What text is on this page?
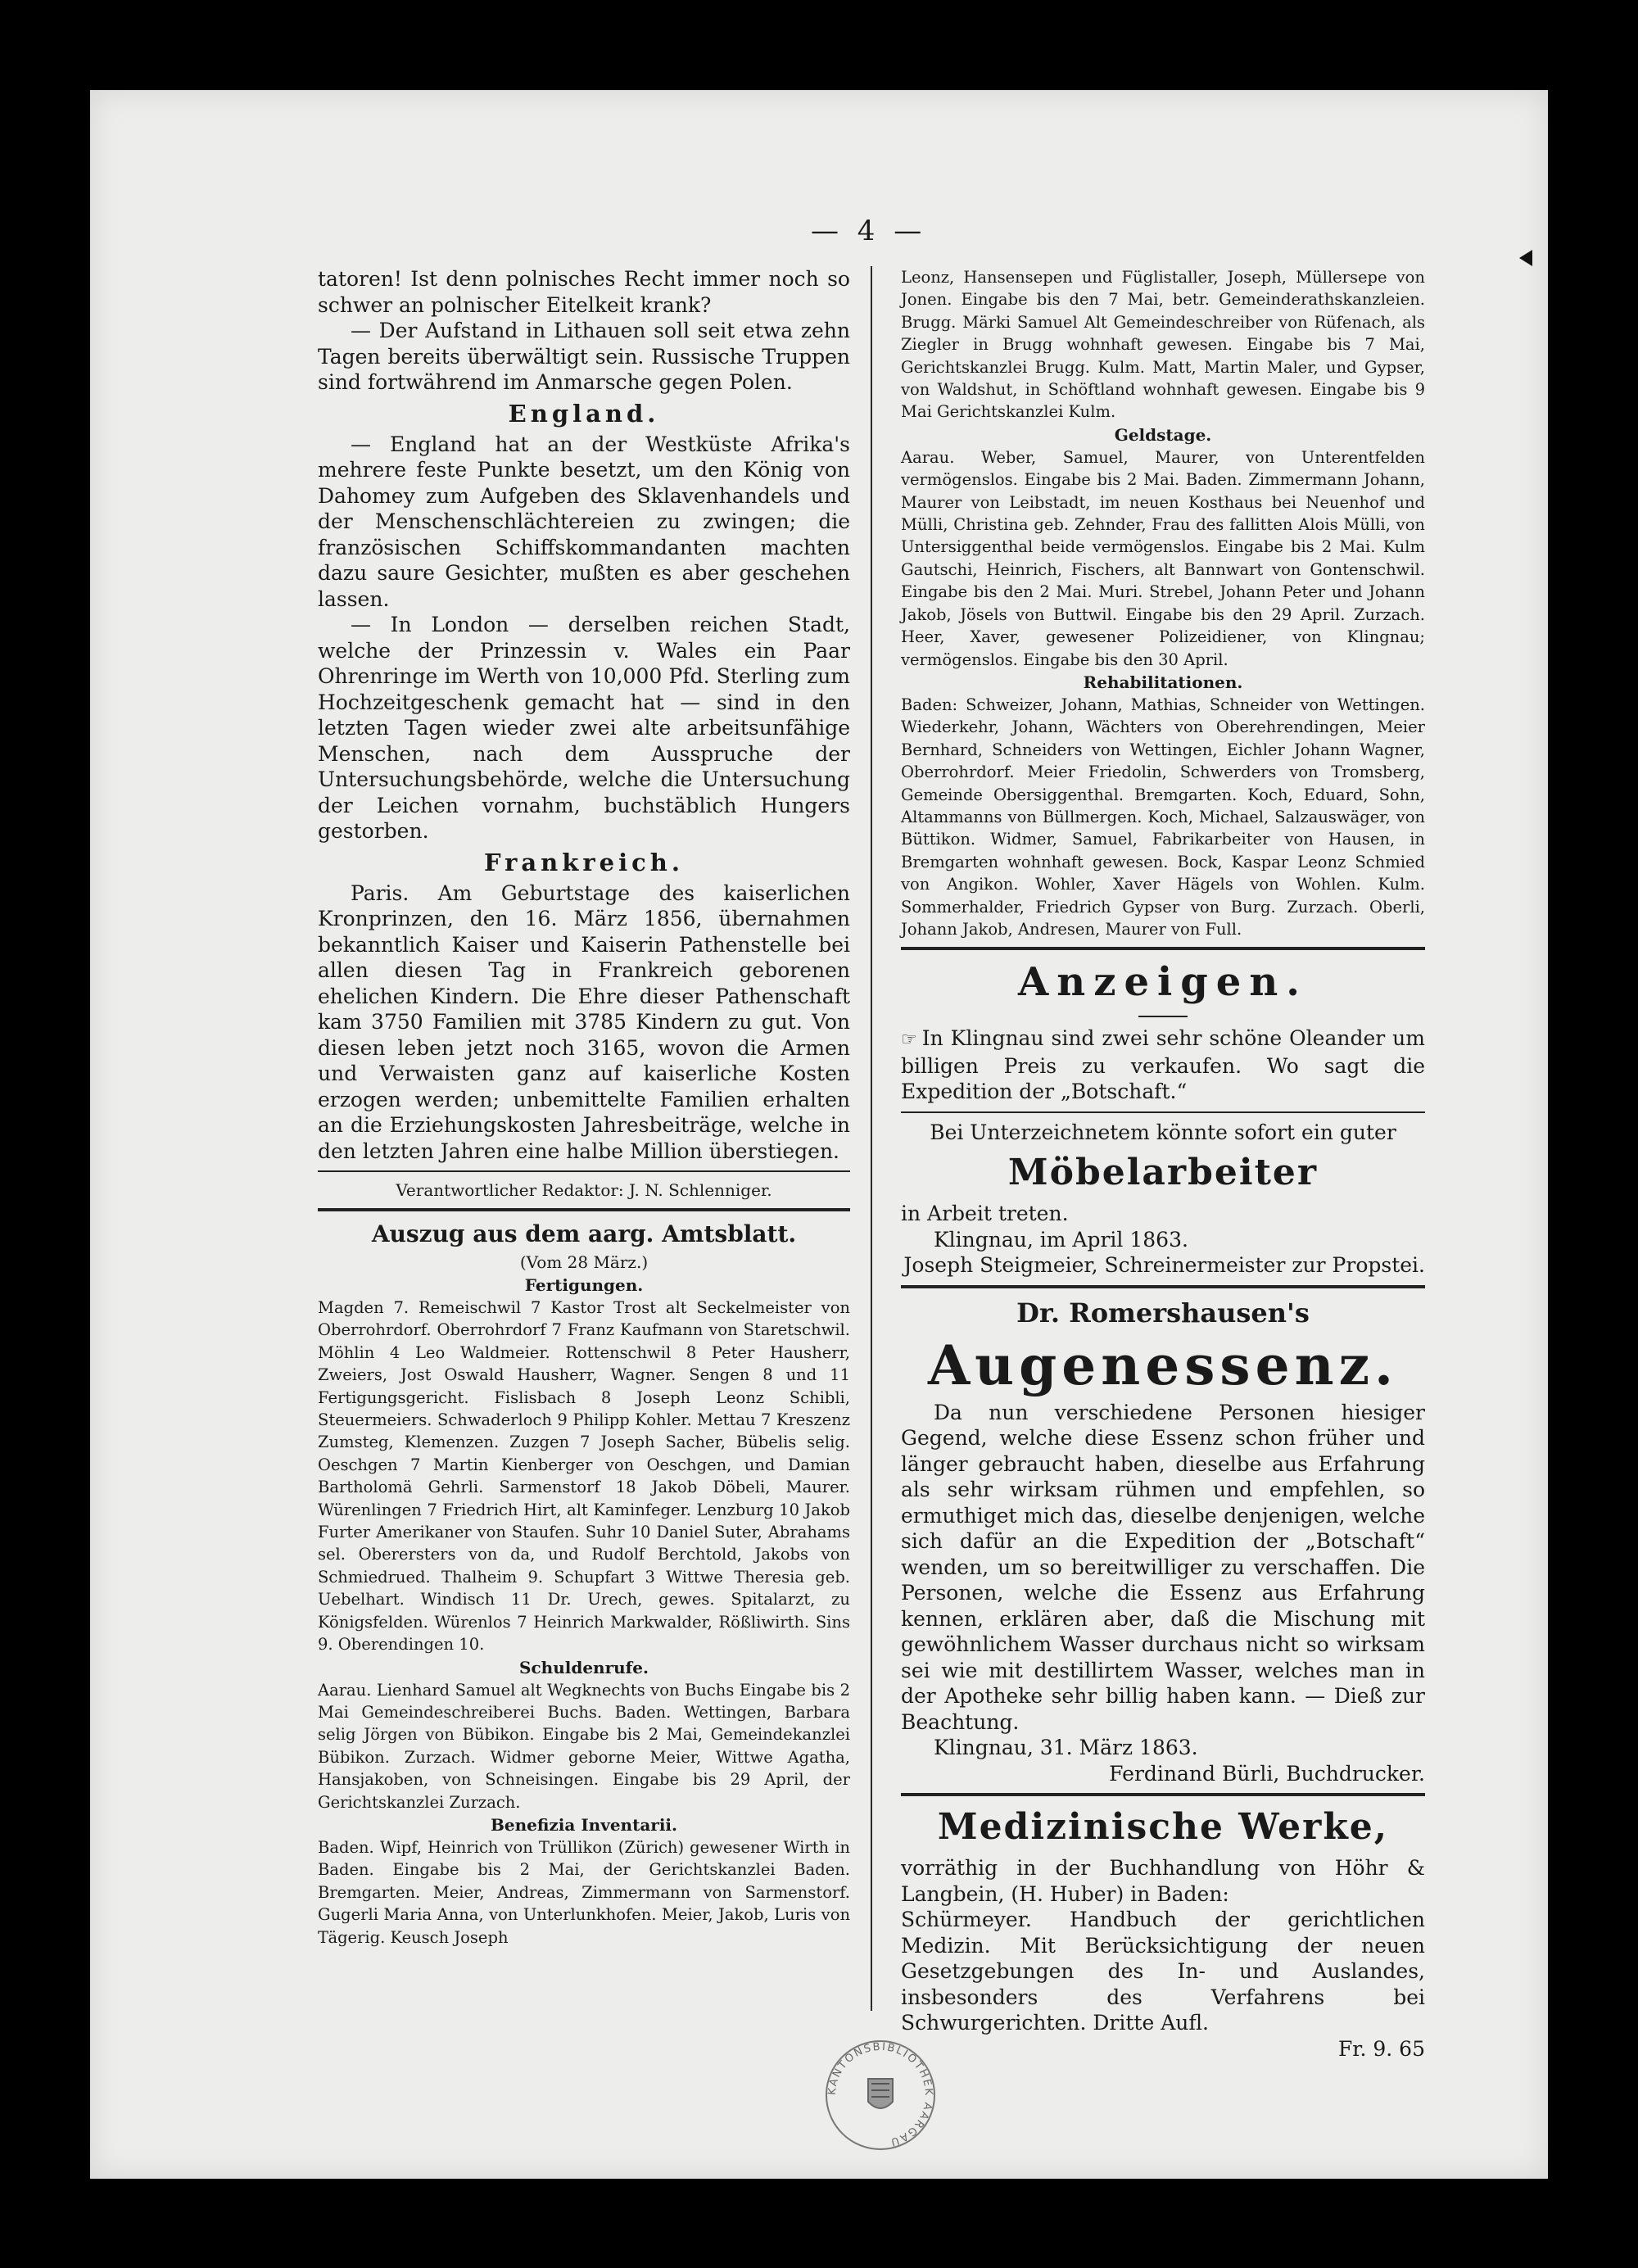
— 4 —

tatoren! Ist denn polnisches Recht immer noch so schwer an polnischer Eitelkeit krank?

— Der Aufstand in Lithauen soll seit etwa zehn Tagen bereits überwältigt sein. Russische Truppen sind fortwährend im Anmarsche gegen Polen.

England.

— England hat an der Westküste Afrika's mehrere feste Punkte besetzt, um den König von Dahomey zum Aufgeben des Sklavenhandels und der Menschenschlächtereien zu zwingen; die französischen Schiffskommandanten machten dazu saure Gesichter, mußten es aber geschehen lassen.

— In London — derselben reichen Stadt, welche der Prinzessin v. Wales ein Paar Ohrenringe im Werth von 10,000 Pfd. Sterling zum Hochzeitgeschenk gemacht hat — sind in den letzten Tagen wieder zwei alte arbeitsunfähige Menschen, nach dem Ausspruche der Untersuchungsbehörde, welche die Untersuchung der Leichen vornahm, buchstäblich Hungers gestorben.

Frankreich.

Paris. Am Geburtstage des kaiserlichen Kronprinzen, den 16. März 1856, übernahmen bekanntlich Kaiser und Kaiserin Pathenstelle bei allen diesen Tag in Frankreich geborenen ehelichen Kindern. Die Ehre dieser Pathenschaft kam 3750 Familien mit 3785 Kindern zu gut. Von diesen leben jetzt noch 3165, wovon die Armen und Verwaisten ganz auf kaiserliche Kosten erzogen werden; unbemittelte Familien erhalten an die Erziehungskosten Jahresbeiträge, welche in den letzten Jahren eine halbe Million überstiegen.

Verantwortlicher Redaktor: J. N. Schlenniger.
Auszug aus dem aarg. Amtsblatt.
(Vom 28 März.)
Fertigungen.

Magden 7. Remeischwil 7 Kastor Trost alt Seckelmeister von Oberrohrdorf. Oberrohrdorf 7 Franz Kaufmann von Staretschwil. Möhlin 4 Leo Waldmeier. Rottenschwil 8 Peter Hausherr, Zweiers, Jost Oswald Hausherr, Wagner. Sengen 8 und 11 Fertigungsgericht. Fislisbach 8 Joseph Leonz Schibli, Steuermeiers. Schwaderloch 9 Philipp Kohler. Mettau 7 Kreszenz Zumsteg, Klemenzen. Zuzgen 7 Joseph Sacher, Bübelis selig. Oeschgen 7 Martin Kienberger von Oeschgen, und Damian Bartholomä Gehrli. Sarmenstorf 18 Jakob Döbeli, Maurer. Würenlingen 7 Friedrich Hirt, alt Kaminfeger. Lenzburg 10 Jakob Furter Amerikaner von Staufen. Suhr 10 Daniel Suter, Abrahams sel. Oberersters von da, und Rudolf Berchtold, Jakobs von Schmiedrued. Thalheim 9. Schupfart 3 Wittwe Theresia geb. Uebelhart. Windisch 11 Dr. Urech, gewes. Spitalarzt, zu Königsfelden. Würenlos 7 Heinrich Markwalder, Rößliwirth. Sins 9. Oberendingen 10.

Schuldenrufe.

Aarau. Lienhard Samuel alt Wegknechts von Buchs Eingabe bis 2 Mai Gemeindeschreiberei Buchs. Baden. Wettingen, Barbara selig Jörgen von Bübikon. Eingabe bis 2 Mai, Gemeindekanzlei Bübikon. Zurzach. Widmer geborne Meier, Wittwe Agatha, Hansjakoben, von Schneisingen. Eingabe bis 29 April, der Gerichtskanzlei Zurzach.

Benefizia Inventarii.

Baden. Wipf, Heinrich von Trüllikon (Zürich) gewesener Wirth in Baden. Eingabe bis 2 Mai, der Gerichtskanzlei Baden. Bremgarten. Meier, Andreas, Zimmermann von Sarmenstorf. Gugerli Maria Anna, von Unterlunkhofen. Meier, Jakob, Luris von Tägerig. Keusch Joseph

Leonz, Hansensepen und Füglistaller, Joseph, Müllersepe von Jonen. Eingabe bis den 7 Mai, betr. Gemeinderathskanzleien. Brugg. Märki Samuel Alt Gemeindeschreiber von Rüfenach, als Ziegler in Brugg wohnhaft gewesen. Eingabe bis 7 Mai, Gerichtskanzlei Brugg. Kulm. Matt, Martin Maler, und Gypser, von Waldshut, in Schöftland wohnhaft gewesen. Eingabe bis 9 Mai Gerichtskanzlei Kulm.

Geldstage.

Aarau. Weber, Samuel, Maurer, von Unterentfelden vermögenslos. Eingabe bis 2 Mai. Baden. Zimmermann Johann, Maurer von Leibstadt, im neuen Kosthaus bei Neuenhof und Mülli, Christina geb. Zehnder, Frau des fallitten Alois Mülli, von Untersiggenthal beide vermögenslos. Eingabe bis 2 Mai. Kulm Gautschi, Heinrich, Fischers, alt Bannwart von Gontenschwil. Eingabe bis den 2 Mai. Muri. Strebel, Johann Peter und Johann Jakob, Jösels von Buttwil. Eingabe bis den 29 April. Zurzach. Heer, Xaver, gewesener Polizeidiener, von Klingnau; vermögenslos. Eingabe bis den 30 April.

Rehabilitationen.

Baden: Schweizer, Johann, Mathias, Schneider von Wettingen. Wiederkehr, Johann, Wächters von Oberehrendingen, Meier Bernhard, Schneiders von Wettingen, Eichler Johann Wagner, Oberrohrdorf. Meier Friedolin, Schwerders von Tromsberg, Gemeinde Obersiggenthal. Bremgarten. Koch, Eduard, Sohn, Altammanns von Büllmergen. Koch, Michael, Salzauswäger, von Büttikon. Widmer, Samuel, Fabrikarbeiter von Hausen, in Bremgarten wohnhaft gewesen. Bock, Kaspar Leonz Schmied von Angikon. Wohler, Xaver Hägels von Wohlen. Kulm. Sommerhalder, Friedrich Gypser von Burg. Zurzach. Oberli, Johann Jakob, Andresen, Maurer von Full.

Anzeigen.

☞ In Klingnau sind zwei sehr schöne Oleander um billigen Preis zu verkaufen. Wo sagt die Expedition der „Botschaft.“

Bei Unterzeichnetem könnte sofort ein guter

Möbelarbeiter

in Arbeit treten.

Klingnau, im April 1863.

Joseph Steigmeier, Schreinermeister zur Propstei.

Dr. Romershausen's
Augenessenz.

Da nun verschiedene Personen hiesiger Gegend, welche diese Essenz schon früher und länger gebraucht haben, dieselbe aus Erfahrung als sehr wirksam rühmen und empfehlen, so ermuthiget mich das, dieselbe denjenigen, welche sich dafür an die Expedition der „Botschaft“ wenden, um so bereitwilliger zu verschaffen. Die Personen, welche die Essenz aus Erfahrung kennen, erklären aber, daß die Mischung mit gewöhnlichem Wasser durchaus nicht so wirksam sei wie mit destillirtem Wasser, welches man in der Apotheke sehr billig haben kann. — Dieß zur Beachtung.

Klingnau, 31. März 1863.

Ferdinand Bürli, Buchdrucker.

Medizinische Werke,

vorräthig in der Buchhandlung von Höhr & Langbein, (H. Huber) in Baden:

Schürmeyer. Handbuch der gerichtlichen Medizin. Mit Berücksichtigung der neuen Gesetzgebungen des In- und Auslandes, insbesonders des Verfahrens bei Schwurgerichten. Dritte Aufl.

Fr. 9. 65

KANTONSBIBLIOTHEK AARGAU
